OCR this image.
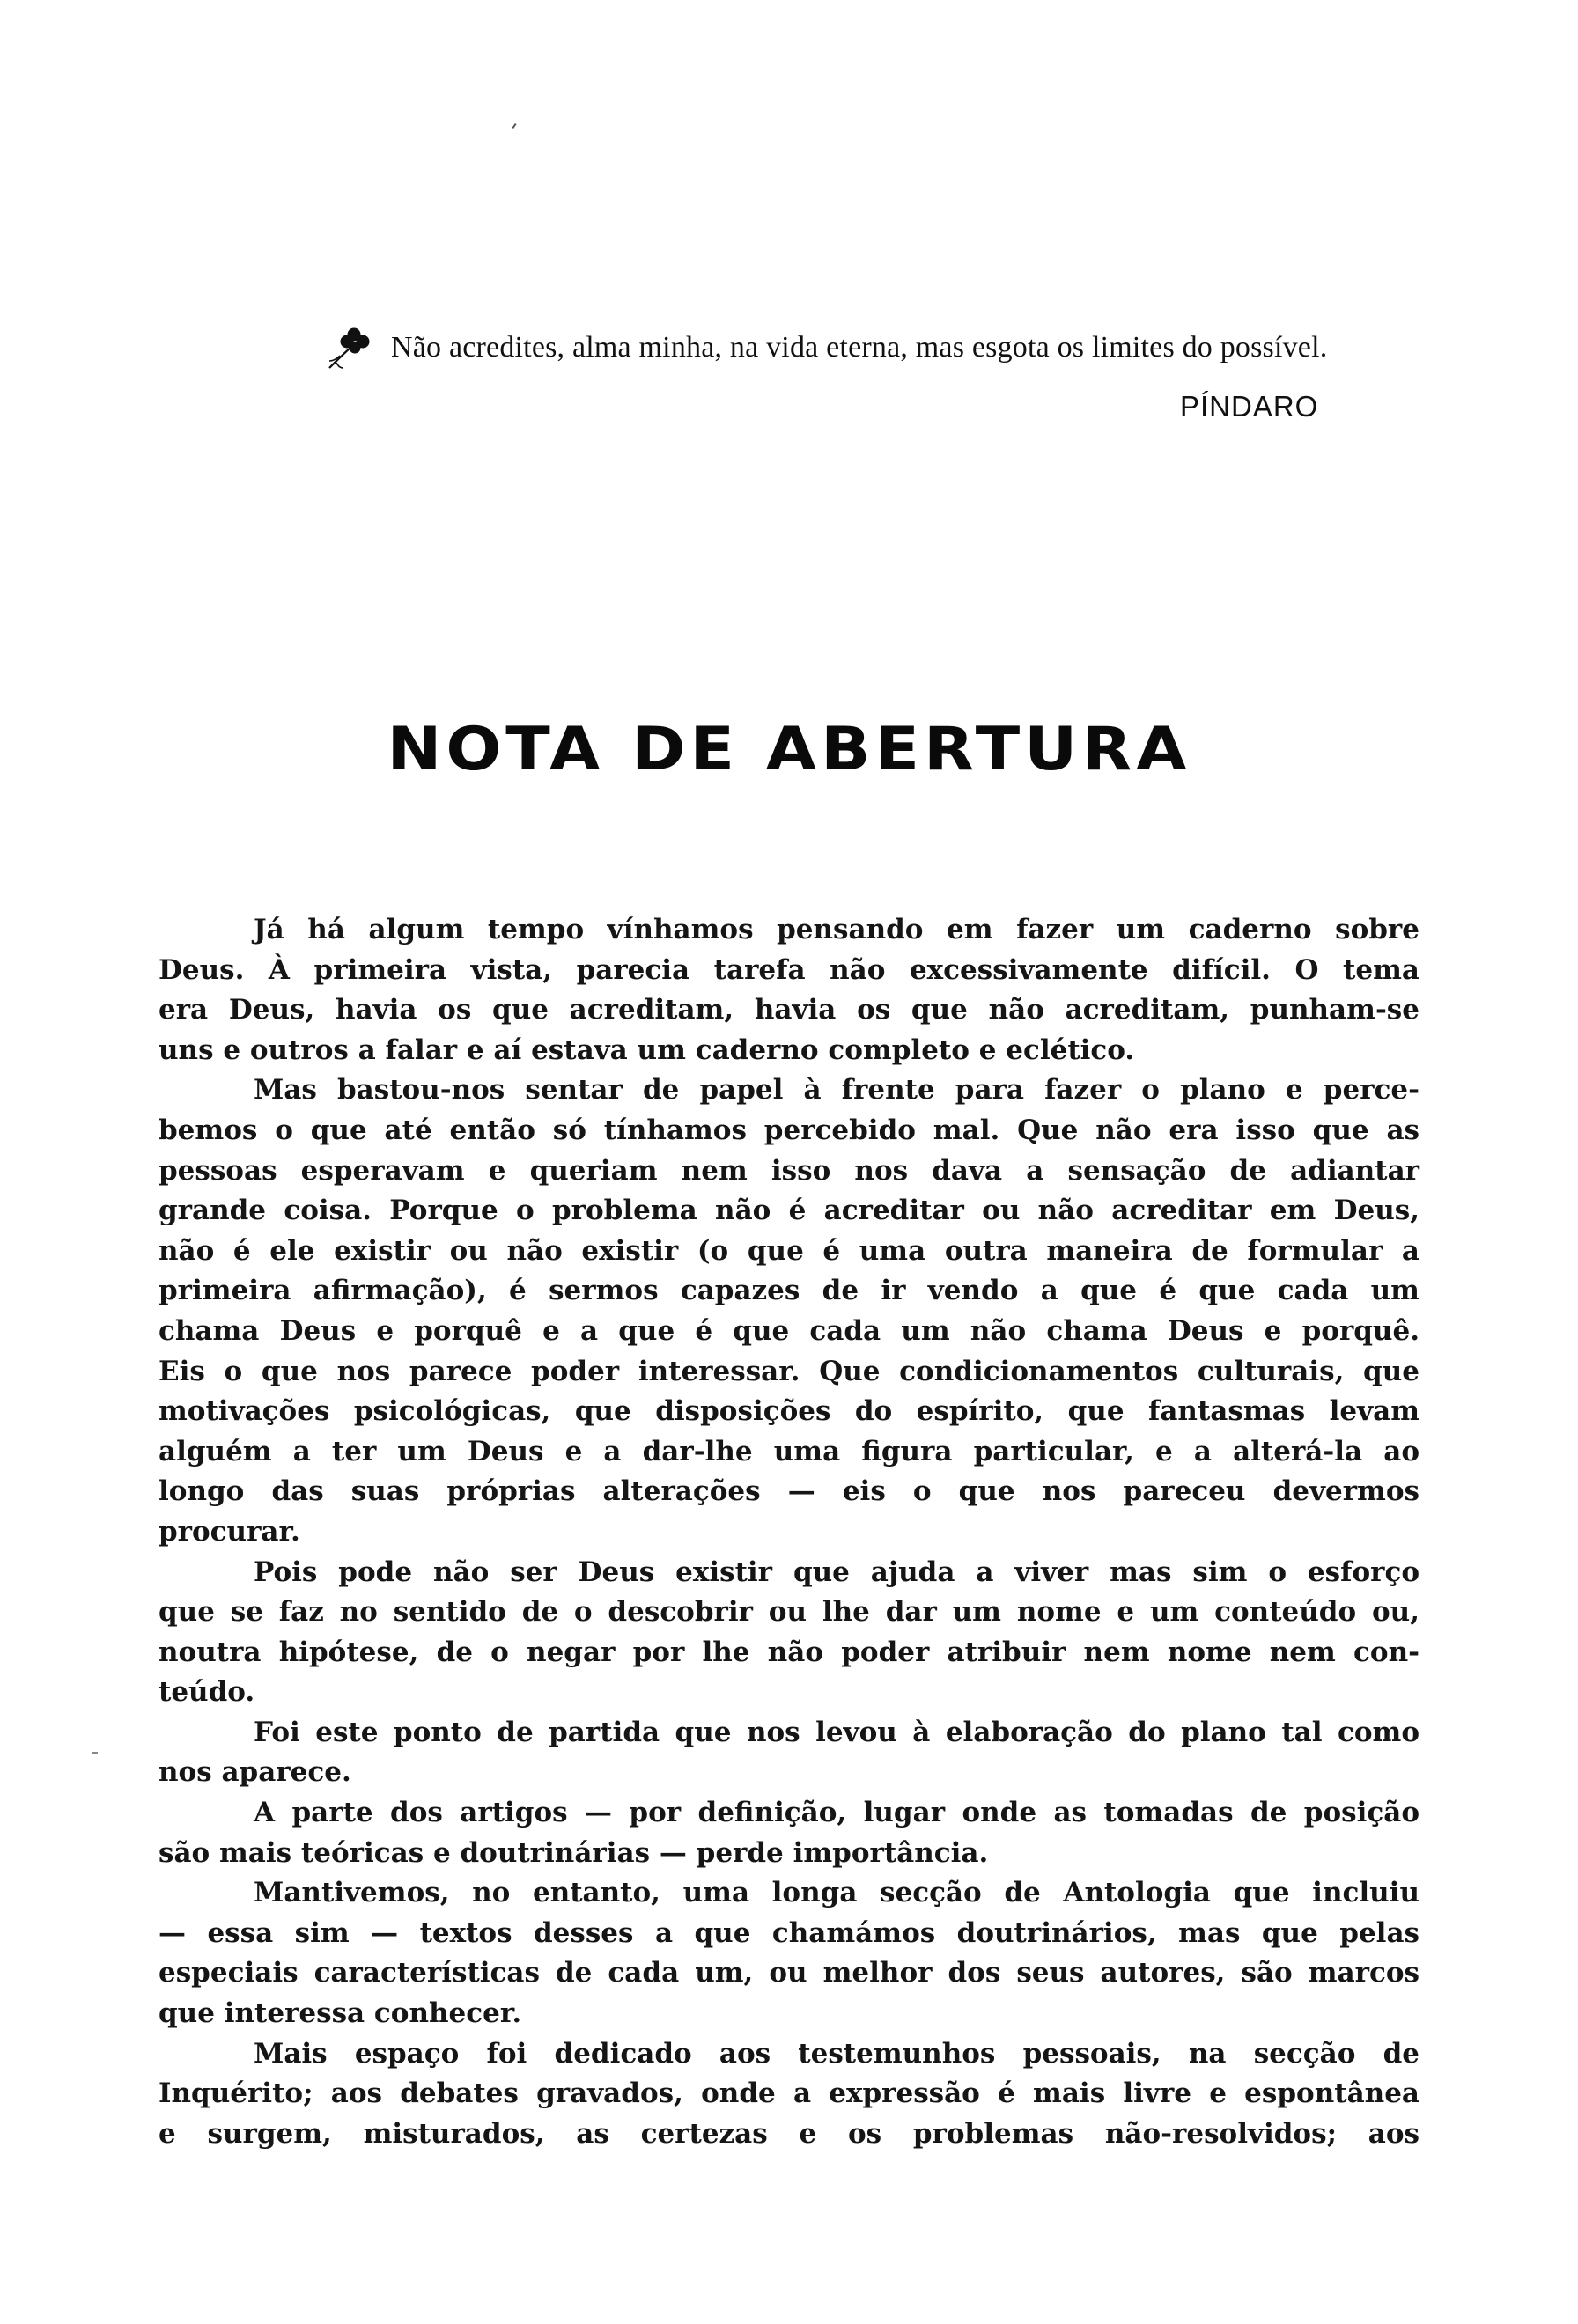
Não acredites, alma minha, na vida eterna, mas esgota os limites do possível.
PÍNDARO
NOTA DE ABERTURA
Já há algum tempo vínhamos pensando em fazer um caderno sobre
Deus. À primeira vista, parecia tarefa não excessivamente difícil. O tema
era Deus, havia os que acreditam, havia os que não acreditam, punham-se
uns e outros a falar e aí estava um caderno completo e eclético.
Mas bastou-nos sentar de papel à frente para fazer o plano e perce-
bemos o que até então só tínhamos percebido mal. Que não era isso que as
pessoas esperavam e queriam nem isso nos dava a sensação de adiantar
grande coisa. Porque o problema não é acreditar ou não acreditar em Deus,
não é ele existir ou não existir (o que é uma outra maneira de formular a
primeira afirmação), é sermos capazes de ir vendo a que é que cada um
chama Deus e porquê e a que é que cada um não chama Deus e porquê.
Eis o que nos parece poder interessar. Que condicionamentos culturais, que
motivações psicológicas, que disposições do espírito, que fantasmas levam
alguém a ter um Deus e a dar-lhe uma figura particular, e a alterá-la ao
longo das suas próprias alterações — eis o que nos pareceu devermos
procurar.
Pois pode não ser Deus existir que ajuda a viver mas sim o esforço
que se faz no sentido de o descobrir ou lhe dar um nome e um conteúdo ou,
noutra hipótese, de o negar por lhe não poder atribuir nem nome nem con-
teúdo.
Foi este ponto de partida que nos levou à elaboração do plano tal como
nos aparece.
A parte dos artigos — por definição, lugar onde as tomadas de posição
são mais teóricas e doutrinárias — perde importância.
Mantivemos, no entanto, uma longa secção de Antologia que incluiu
— essa sim — textos desses a que chamámos doutrinários, mas que pelas
especiais características de cada um, ou melhor dos seus autores, são marcos
que interessa conhecer.
Mais espaço foi dedicado aos testemunhos pessoais, na secção de
Inquérito; aos debates gravados, onde a expressão é mais livre e espontânea
e surgem, misturados, as certezas e os problemas não-resolvidos; aos
